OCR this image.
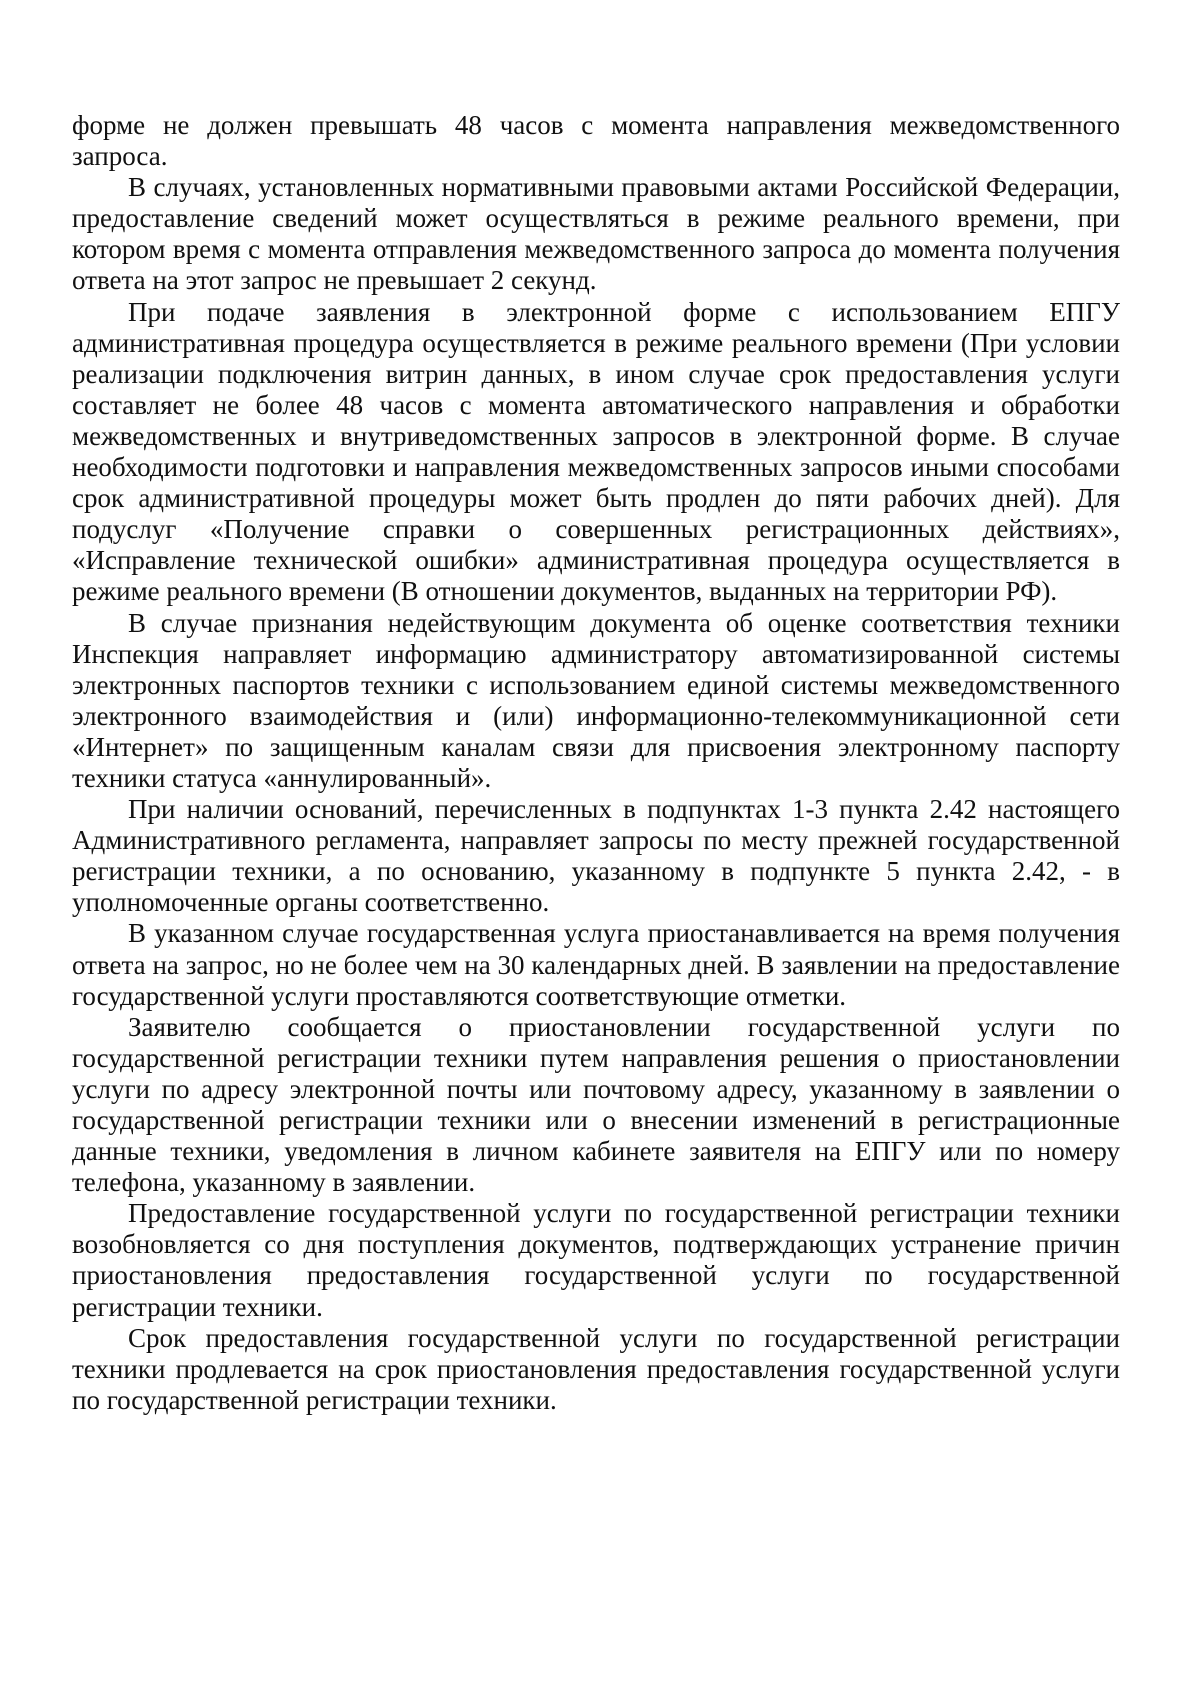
форме не должен превышать 48 часов с момента направления межведомственного запроса.

В случаях, установленных нормативными правовыми актами Российской Федерации, предоставление сведений может осуществляться в режиме реального времени, при котором время с момента отправления межведомственного запроса до момента получения ответа на этот запрос не превышает 2 секунд.

При подаче заявления в электронной форме с использованием ЕПГУ административная процедура осуществляется в режиме реального времени (При условии реализации подключения витрин данных, в ином случае срок предоставления услуги составляет не более 48 часов с момента автоматического направления и обработки межведомственных и внутриведомственных запросов в электронной форме. В случае необходимости подготовки и направления межведомственных запросов иными способами срок административной процедуры может быть продлен до пяти рабочих дней). Для подуслуг «Получение справки о совершенных регистрационных действиях», «Исправление технической ошибки» административная процедура осуществляется в режиме реального времени (В отношении документов, выданных на территории РФ).

В случае признания недействующим документа об оценке соответствия техники Инспекция направляет информацию администратору автоматизированной системы электронных паспортов техники с использованием единой системы межведомственного электронного взаимодействия и (или) информационно-телекоммуникационной сети «Интернет» по защищенным каналам связи для присвоения электронному паспорту техники статуса «аннулированный».

При наличии оснований, перечисленных в подпунктах 1-3 пункта 2.42 настоящего Административного регламента, направляет запросы по месту прежней государственной регистрации техники, а по основанию, указанному в подпункте 5 пункта 2.42, - в уполномоченные органы соответственно.

В указанном случае государственная услуга приостанавливается на время получения ответа на запрос, но не более чем на 30 календарных дней. В заявлении на предоставление государственной услуги проставляются соответствующие отметки.

Заявителю сообщается о приостановлении государственной услуги по государственной регистрации техники путем направления решения о приостановлении услуги по адресу электронной почты или почтовому адресу, указанному в заявлении о государственной регистрации техники или о внесении изменений в регистрационные данные техники, уведомления в личном кабинете заявителя на ЕПГУ или по номеру телефона, указанному в заявлении.

Предоставление государственной услуги по государственной регистрации техники возобновляется со дня поступления документов, подтверждающих устранение причин приостановления предоставления государственной услуги по государственной регистрации техники.

Срок предоставления государственной услуги по государственной регистрации техники продлевается на срок приостановления предоставления государственной услуги по государственной регистрации техники.
